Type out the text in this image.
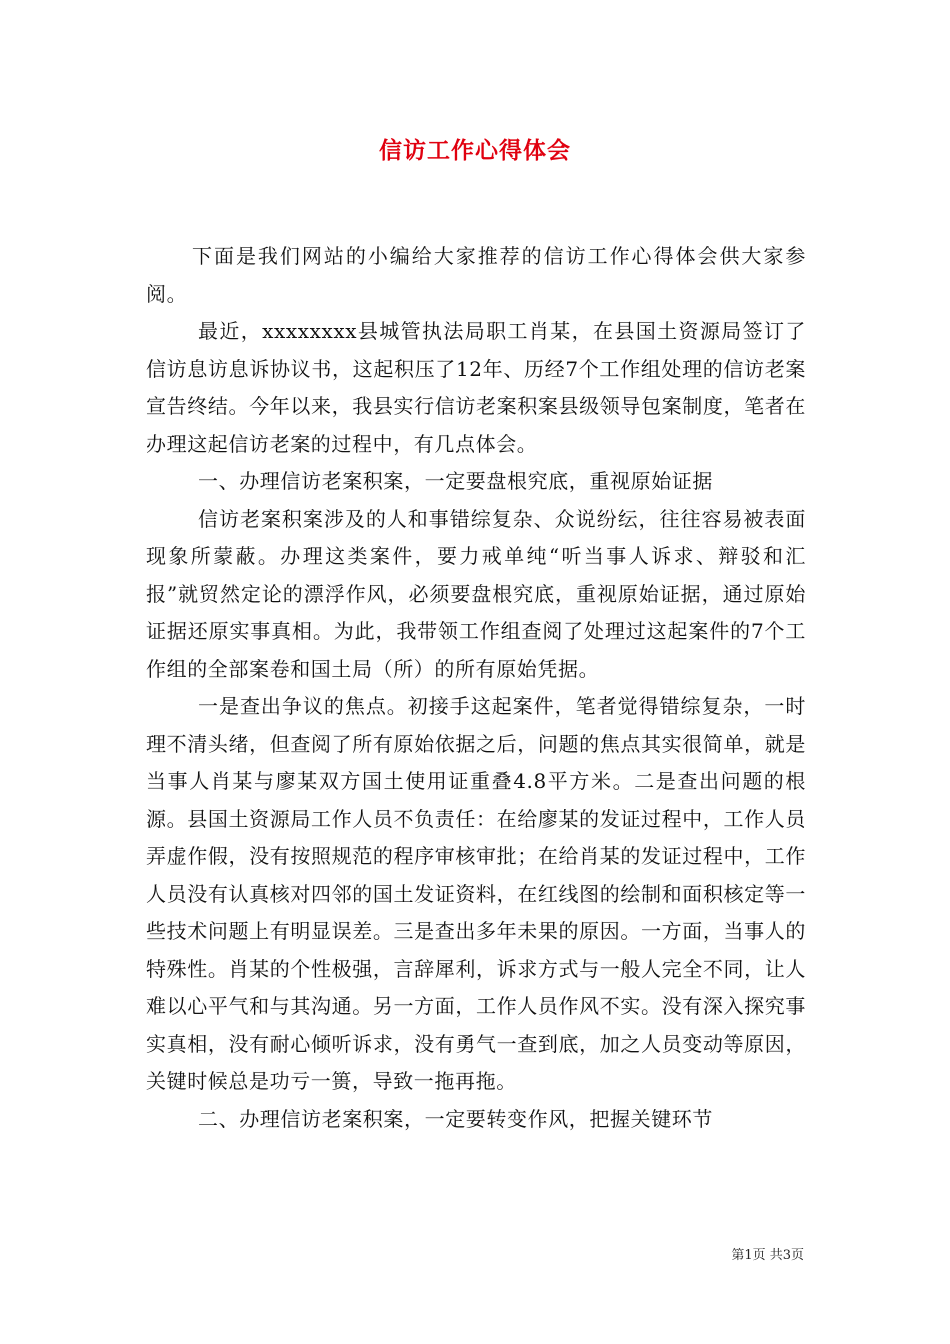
信访工作心得体会

下面是我们网站的小编给大家推荐的信访工作心得体会供大家参阅。

最近，xxxxxxxx县城管执法局职工肖某，在县国土资源局签订了信访息访息诉协议书，这起积压了12年、历经7个工作组处理的信访老案宣告终结。今年以来，我县实行信访老案积案县级领导包案制度，笔者在办理这起信访老案的过程中，有几点体会。

一、办理信访老案积案，一定要盘根究底，重视原始证据

信访老案积案涉及的人和事错综复杂、众说纷纭，往往容易被表面现象所蒙蔽。办理这类案件，要力戒单纯“听当事人诉求、辩驳和汇报”就贸然定论的漂浮作风，必须要盘根究底，重视原始证据，通过原始证据还原实事真相。为此，我带领工作组查阅了处理过这起案件的7个工作组的全部案卷和国土局（所）的所有原始凭据。

一是查出争议的焦点。初接手这起案件，笔者觉得错综复杂，一时理不清头绪，但查阅了所有原始依据之后，问题的焦点其实很简单，就是当事人肖某与廖某双方国土使用证重叠4.8平方米。二是查出问题的根源。县国土资源局工作人员不负责任：在给廖某的发证过程中，工作人员弄虚作假，没有按照规范的程序审核审批；在给肖某的发证过程中，工作人员没有认真核对四邻的国土发证资料，在红线图的绘制和面积核定等一些技术问题上有明显误差。三是查出多年未果的原因。一方面，当事人的特殊性。肖某的个性极强，言辞犀利，诉求方式与一般人完全不同，让人难以心平气和与其沟通。另一方面，工作人员作风不实。没有深入探究事实真相，没有耐心倾听诉求，没有勇气一查到底，加之人员变动等原因，关键时候总是功亏一篑，导致一拖再拖。

二、办理信访老案积案，一定要转变作风，把握关键环节

第1页 共3页
